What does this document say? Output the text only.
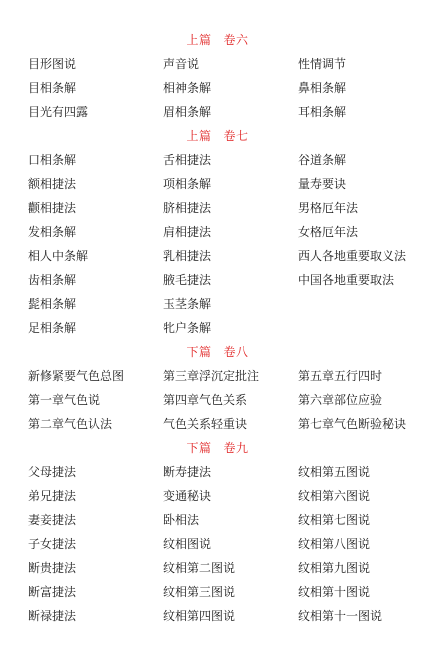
上篇 卷六
目形图说	声音说	性情调节
目相条解	相神条解	鼻相条解
目光有四露	眉相条解	耳相条解
上篇 卷七
口相条解	舌相捷法	谷道条解
额相捷法	项相条解	量寿要诀
颧相捷法	脐相捷法	男格厄年法
发相条解	肩相捷法	女格厄年法
相人中条解	乳相捷法	西人各地重要取义法
齿相条解	腋毛捷法	中国各地重要取法
髭相条解	玉茎条解
足相条解	牝户条解
下篇 卷八
新修紧要气色总图	第三章浮沉定批注	第五章五行四时
第一章气色说	第四章气色关系	第六章部位应验
第二章气色认法	气色关系轻重诀	第七章气色断验秘诀
下篇 卷九
父母捷法	断寿捷法	纹相第五图说
弟兄捷法	变通秘诀	纹相第六图说
妻妾捷法	卧相法	纹相第七图说
子女捷法	纹相图说	纹相第八图说
断贵捷法	纹相第二图说	纹相第九图说
断富捷法	纹相第三图说	纹相第十图说
断禄捷法	纹相第四图说	纹相第十一图说
